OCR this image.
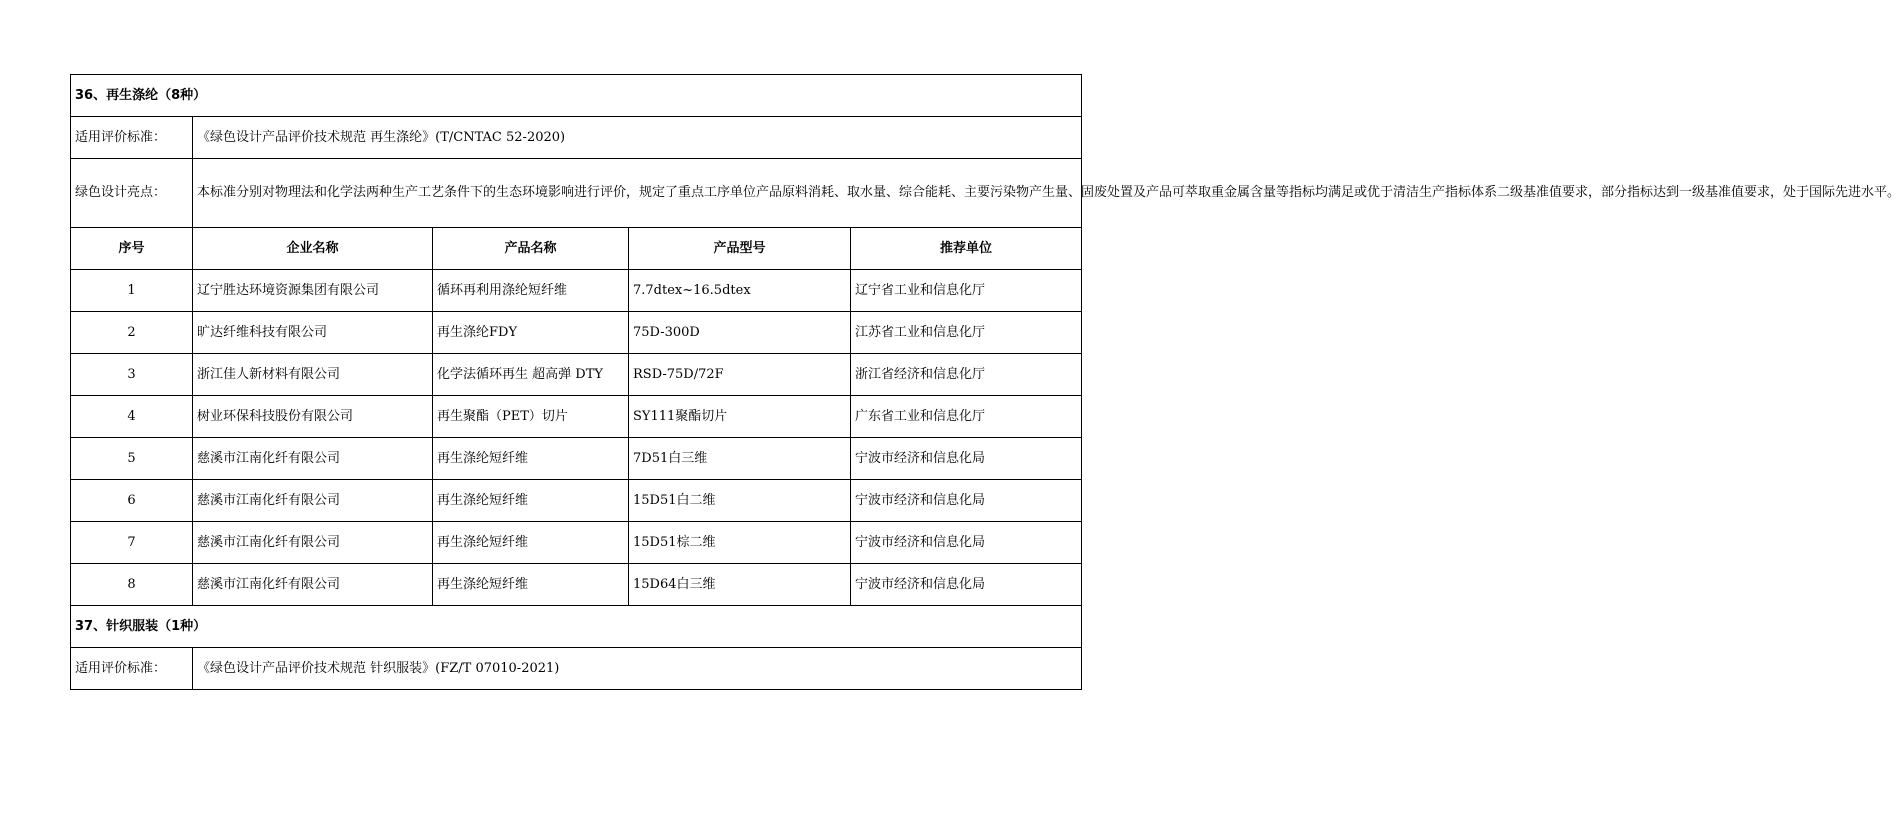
36、再生涤纶（8种）				
适用评价标准：	《绿色设计产品评价技术规范 再生涤纶》(T/CNTAC 52-2020)			
绿色设计亮点：	本标准分别对物理法和化学法两种生产工艺条件下的生态环境影响进行评价，规定了重点工序单位产品原料消耗、取水量、综合能耗、主要污染物产生量、固废处置及产品可萃取重金属含量等指标均满足或优于清洁生产指标体系二级基准值要求，部分指标达到一级基准值要求，处于国际先进水平。			
序号	企业名称	产品名称	产品型号	推荐单位
1	辽宁胜达环境资源集团有限公司	循环再利用涤纶短纤维	7.7dtex~16.5dtex	辽宁省工业和信息化厅
2	旷达纤维科技有限公司	再生涤纶FDY	75D-300D	江苏省工业和信息化厅
3	浙江佳人新材料有限公司	化学法循环再生 超高弹 DTY	RSD-75D/72F	浙江省经济和信息化厅
4	树业环保科技股份有限公司	再生聚酯（PET）切片	SY111聚酯切片	广东省工业和信息化厅
5	慈溪市江南化纤有限公司	再生涤纶短纤维	7D51白三维	宁波市经济和信息化局
6	慈溪市江南化纤有限公司	再生涤纶短纤维	15D51白二维	宁波市经济和信息化局
7	慈溪市江南化纤有限公司	再生涤纶短纤维	15D51棕二维	宁波市经济和信息化局
8	慈溪市江南化纤有限公司	再生涤纶短纤维	15D64白三维	宁波市经济和信息化局
37、针织服装（1种）				
适用评价标准：	《绿色设计产品评价技术规范 针织服装》(FZ/T 07010-2021)			
